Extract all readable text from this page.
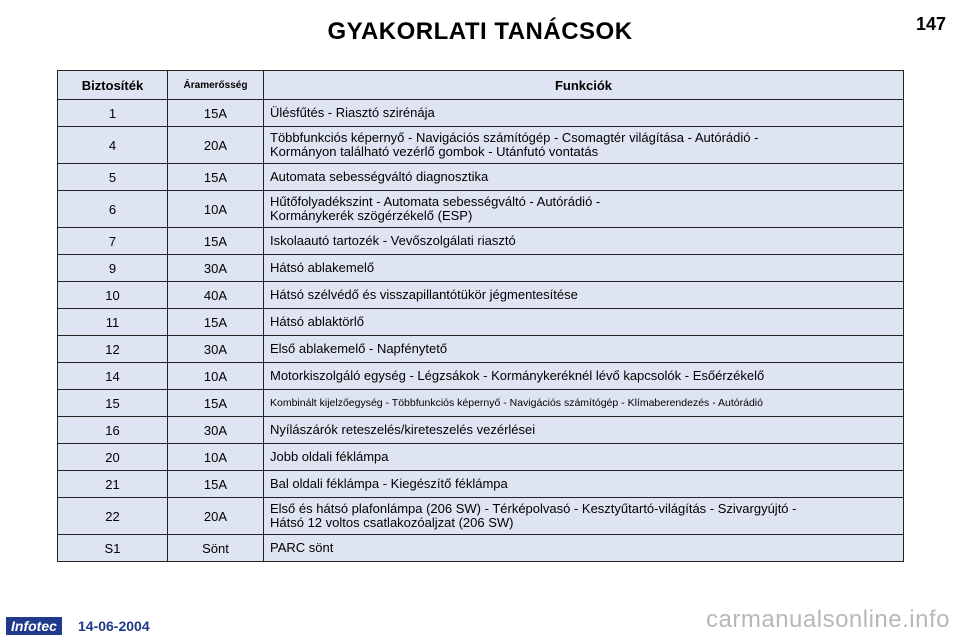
GYAKORLATI TANÁCSOK	147
Biztosíték	Áramerősség	Funkciók
1	15A	Ülésfűtés - Riasztó szirénája

4	20A	Többfunkciós képernyő - Navigációs számítógép - Csomagtér világítása - Autórádió -
Kormányon található vezérlő gombok - Utánfutó vontatás

5	15A	Automata sebességváltó diagnosztika

6	10A	Hűtőfolyadékszint - Automata sebességváltó - Autórádió -
Kormánykerék szögérzékelő (ESP)

7	15A	Iskolaautó tartozék - Vevőszolgálati riasztó

9	30A	Hátsó ablakemelő

10	40A	Hátsó szélvédő és visszapillantótükör jégmentesítése

11	15A	Hátsó ablaktörlő

12	30A	Első ablakemelő - Napfénytető

14	10A	Motorkiszolgáló egység - Légzsákok - Kormánykeréknél lévő kapcsolók - Esőérzékelő

15	15A	Kombinált kijelzőegység - Többfunkciós képernyő - Navigációs számítógép - Klímaberendezés - Autórádió

16	30A	Nyílászárók reteszelés/kireteszelés vezérlései

20	10A	Jobb oldali féklámpa

21	15A	Bal oldali féklámpa - Kiegészítő féklámpa

22	20A	Első és hátsó plafonlámpa (206 SW) - Térképolvasó - Kesztyűtartó-világítás - Szivargyújtó -
Hátsó 12 voltos csatlakozóaljzat (206 SW)

S1	Sönt	PARC sönt
Infotec	14-06-2004	carmanualsonline.info
